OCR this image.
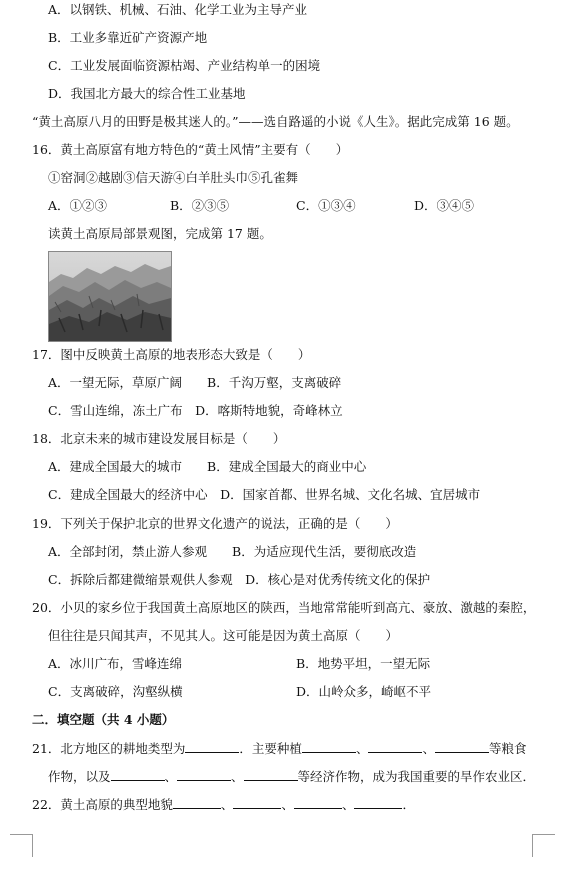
A．以钢铁、机械、石油、化学工业为主导产业
B．工业多靠近矿产资源产地
C．工业发展面临资源枯竭、产业结构单一的困境
D．我国北方最大的综合性工业基地
“黄土高原八月的田野是极其迷人的。”——选自路遥的小说《人生》。据此完成第 16 题。
16．黄土高原富有地方特色的“黄土风情”主要有（　　）
①窑洞②越剧③信天游④白羊肚头巾⑤孔雀舞
A．①②③	B．②③⑤	C．①③④	D．③④⑤
读黄土高原局部景观图，完成第 17 题。
17．图中反映黄土高原的地表形态大致是（　　）
A．一望无际，草原广阔　　B．千沟万壑，支离破碎
C．雪山连绵，冻土广布　D．喀斯特地貌，奇峰林立
18．北京未来的城市建设发展目标是（　　）
A．建成全国最大的城市　　B．建成全国最大的商业中心
C．建成全国最大的经济中心　D．国家首都、世界名城、文化名城、宜居城市
19．下列关于保护北京的世界文化遗产的说法，正确的是（　　）
A．全部封闭，禁止游人参观　　B．为适应现代生活，要彻底改造
C．拆除后都建微缩景观供人参观　D．核心是对优秀传统文化的保护
20．小贝的家乡位于我国黄土高原地区的陕西，当地常常能听到高亢、豪放、激越的秦腔，
但往往是只闻其声，不见其人。这可能是因为黄土高原（　　）
A．冰川广布，雪峰连绵	B．地势平坦，一望无际
C．支离破碎，沟壑纵横	D．山岭众多，崎岖不平
二．填空题（共 4 小题）
21．北方地区的耕地类型为	．主要种植	、	、	等粮食
作物，以及	、	、	等经济作物，成为我国重要的旱作农业区．
22．黄土高原的典型地貌	、	、	、	．
